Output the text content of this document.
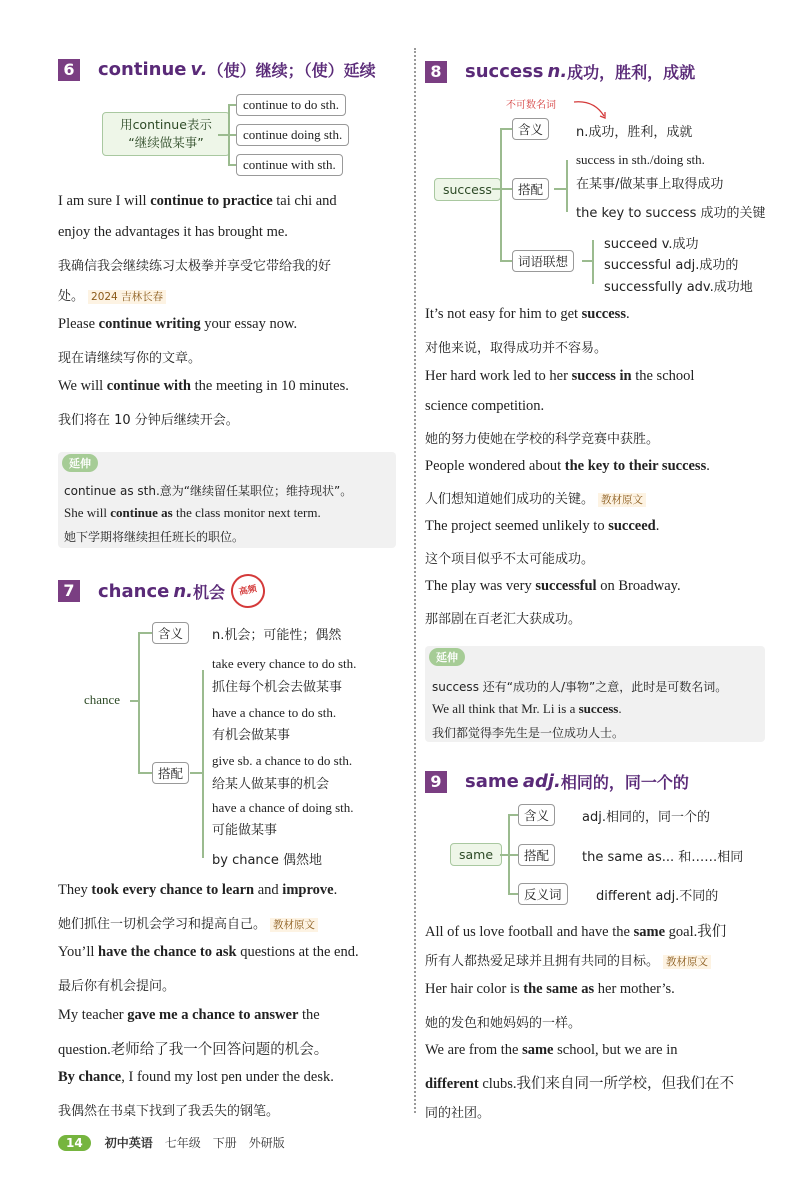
6	continue v. （使）继续；（使）延续
用continue表示
“继续做某事”
continue to do sth.
continue doing sth.
continue with sth.
I am sure I will continue to practice tai chi and
enjoy the advantages it has brought me.
我确信我会继续练习太极拳并享受它带给我的好
处。 2024 吉林长春
Please continue writing your essay now.
现在请继续写你的文章。
We will continue with the meeting in 10 minutes.
我们将在 10 分钟后继续开会。
延伸
continue as sth.意为“继续留任某职位；维持现状”。
She will continue as the class monitor next term.
她下学期将继续担任班长的职位。
7	chance n. 机会	高频
chance
含义	n.机会；可能性；偶然
搭配
take every chance to do sth.
抓住每个机会去做某事
have a chance to do sth.
有机会做某事
give sb. a chance to do sth.
给某人做某事的机会
have a chance of doing sth.
可能做某事
by chance 偶然地
They took every chance to learn and improve.
她们抓住一切机会学习和提高自己。 教材原文
You’ll have the chance to ask questions at the end.
最后你有机会提问。
My teacher gave me a chance to answer the
question.老师给了我一个回答问题的机会。
By chance, I found my lost pen under the desk.
我偶然在书桌下找到了我丢失的钢笔。
8	success n. 成功，胜利，成就
不可数名词
success
含义	n.成功，胜利，成就
搭配
success in sth./doing sth.
在某事/做某事上取得成功
the key to success 成功的关键
词语联想
succeed v.成功
successful adj.成功的
successfully adv.成功地
It’s not easy for him to get success.
对他来说，取得成功并不容易。
Her hard work led to her success in the school
science competition.
她的努力使她在学校的科学竞赛中获胜。
People wondered about the key to their success.
人们想知道她们成功的关键。 教材原文
The project seemed unlikely to succeed.
这个项目似乎不太可能成功。
The play was very successful on Broadway.
那部剧在百老汇大获成功。
延伸
success 还有“成功的人/事物”之意，此时是可数名词。
We all think that Mr. Li is a success.
我们都觉得李先生是一位成功人士。
9	same adj. 相同的，同一个的
same
含义	adj.相同的，同一个的
搭配	the same as... 和……相同
反义词	different adj.不同的
All of us love football and have the same goal.我们
所有人都热爱足球并且拥有共同的目标。 教材原文
Her hair color is the same as her mother’s.
她的发色和她妈妈的一样。
We are from the same school, but we are in
different clubs.我们来自同一所学校，但我们在不
同的社团。
14	初中英语 七年级 下册 外研版
